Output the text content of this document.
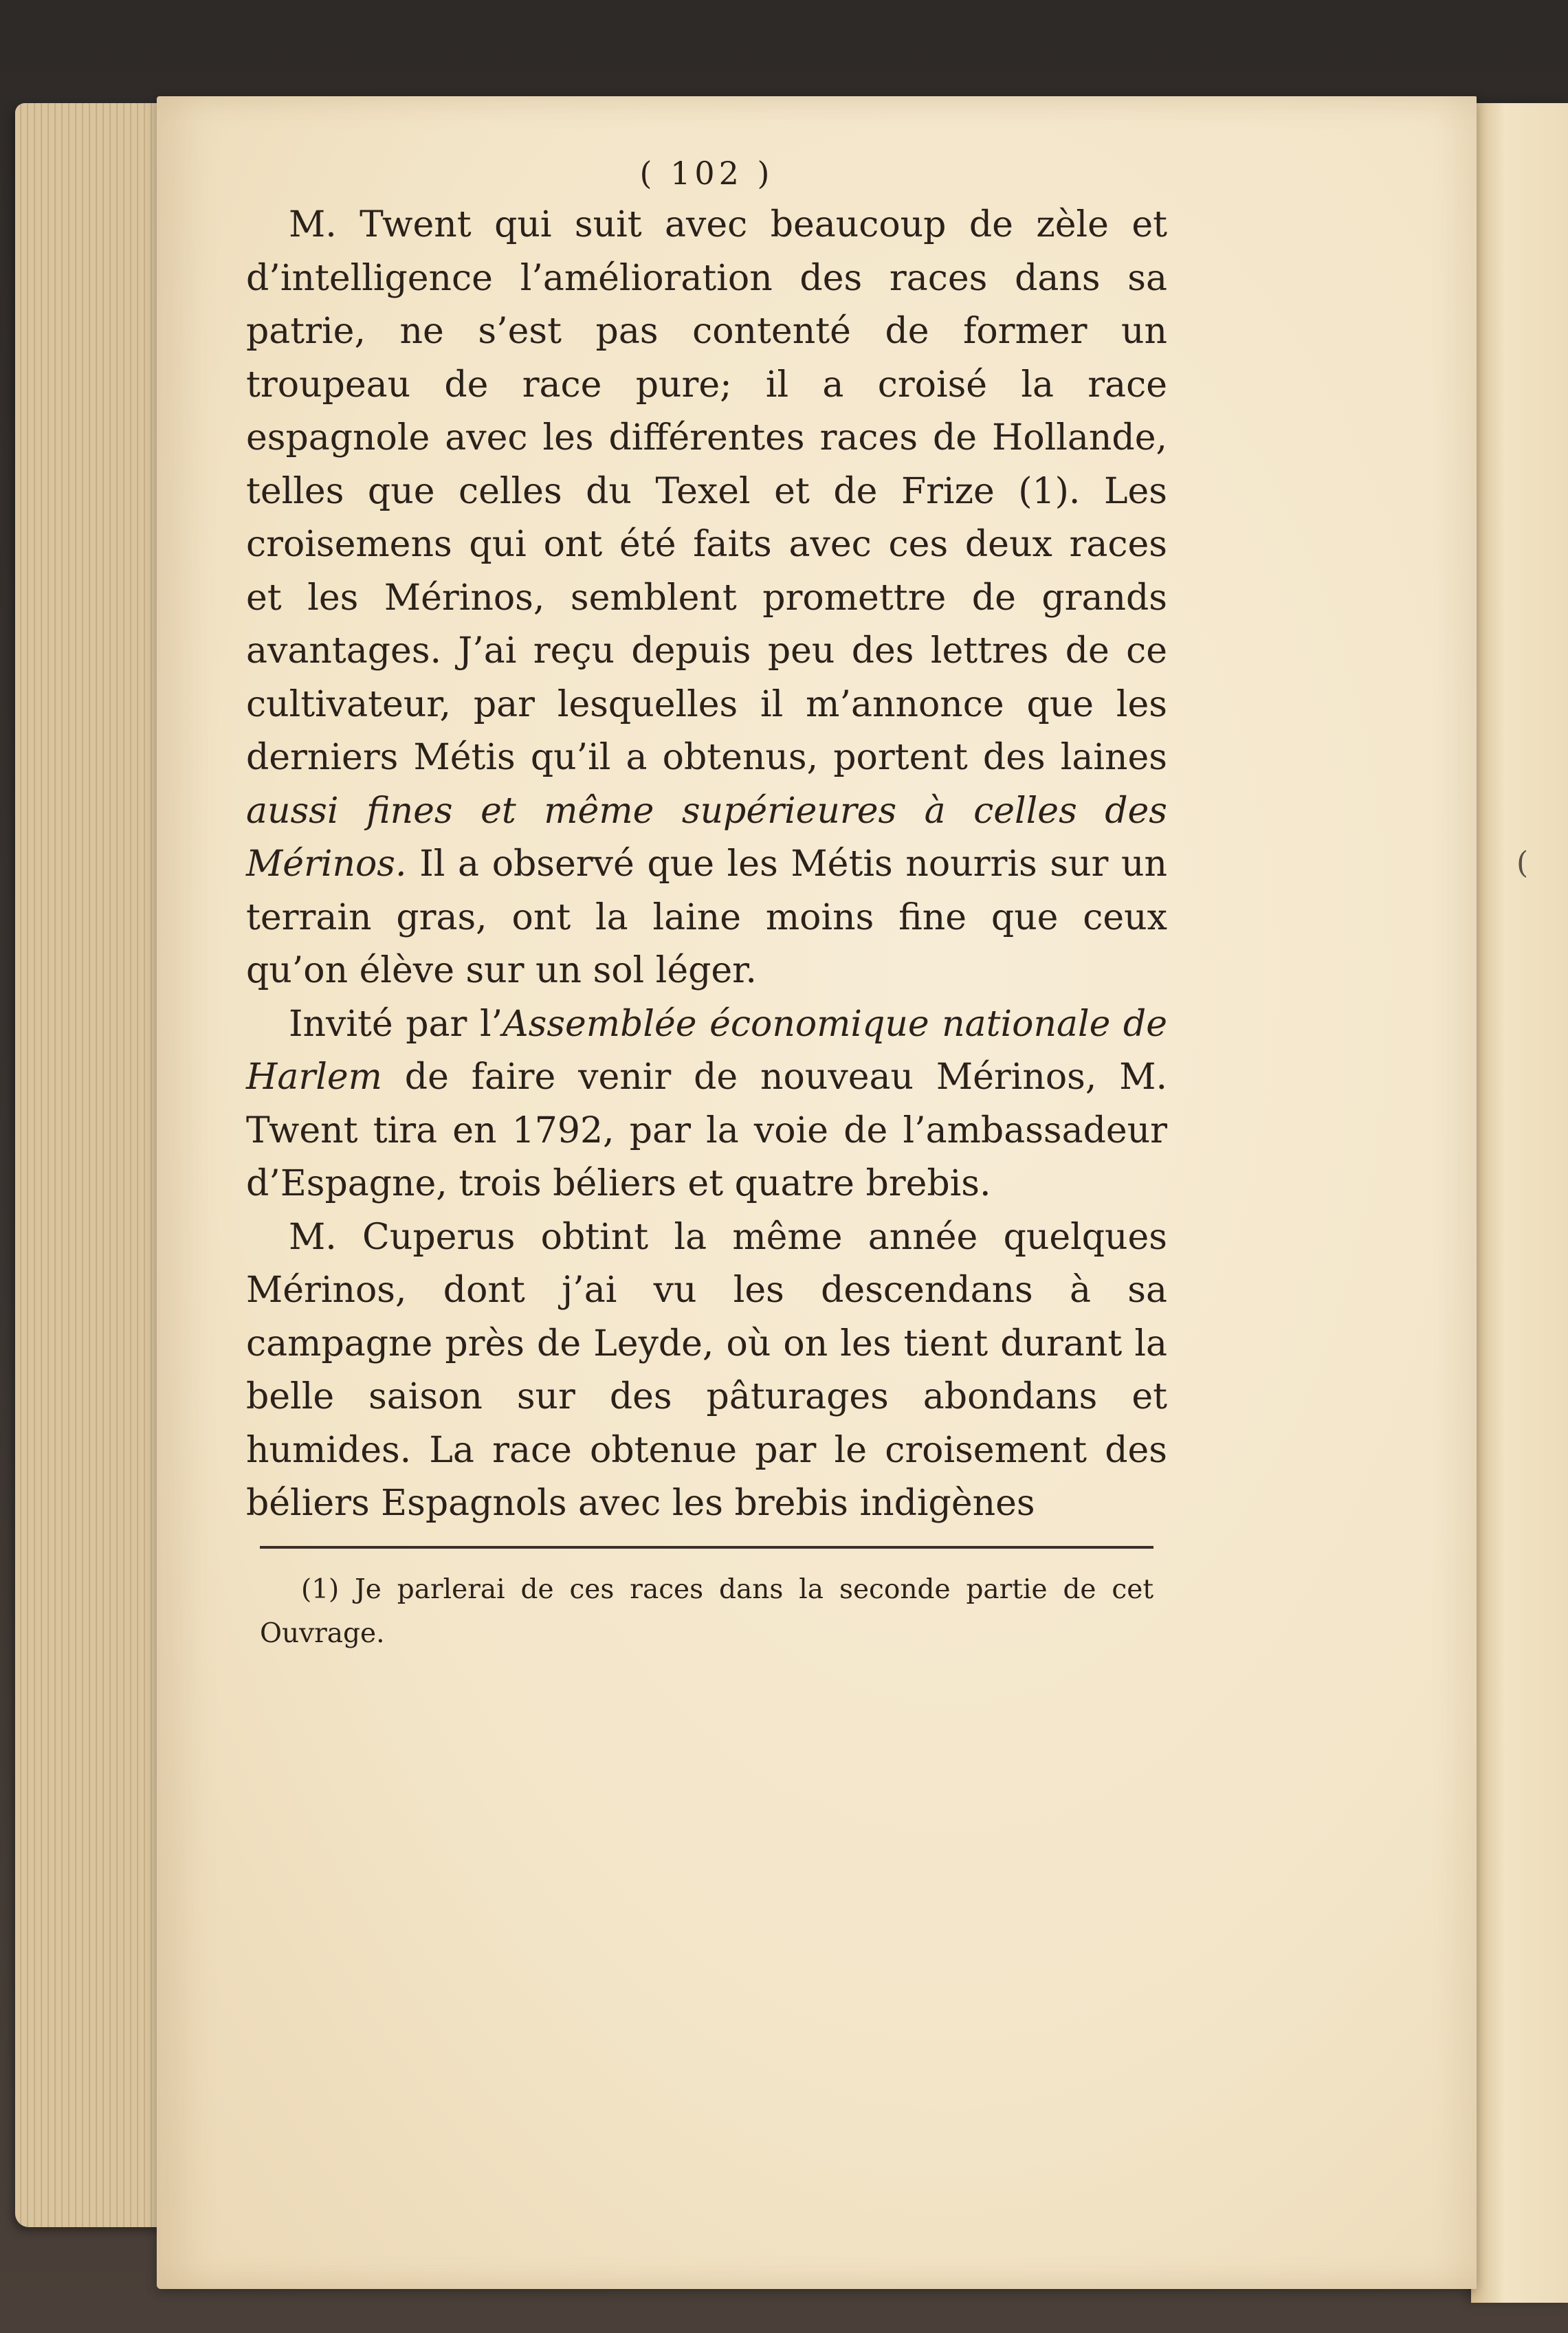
(
( 102 )

M. Twent qui suit avec beaucoup de zèle et d’intelligence l’amélioration des races dans sa patrie, ne s’est pas contenté de former un troupeau de race pure; il a croisé la race espagnole avec les différentes races de Hollande, telles que celles du Texel et de Frize (1). Les croisemens qui ont été faits avec ces deux races et les Mérinos, semblent promettre de grands avantages. J’ai reçu depuis peu des lettres de ce cultivateur, par lesquelles il m’annonce que les derniers Métis qu’il a obtenus, portent des laines aussi fines et même supérieures à celles des Mérinos. Il a observé que les Métis nourris sur un terrain gras, ont la laine moins fine que ceux qu’on élève sur un sol léger.

Invité par l’Assemblée économique nationale de Harlem de faire venir de nouveau Mérinos, M. Twent tira en 1792, par la voie de l’ambassadeur d’Espagne, trois béliers et quatre brebis.

M. Cuperus obtint la même année quelques Mérinos, dont j’ai vu les descendans à sa campagne près de Leyde, où on les tient durant la belle saison sur des pâturages abondans et humides. La race obtenue par le croisement des béliers Espagnols avec les brebis indigènes

(1) Je parlerai de ces races dans la seconde partie de cet Ouvrage.
